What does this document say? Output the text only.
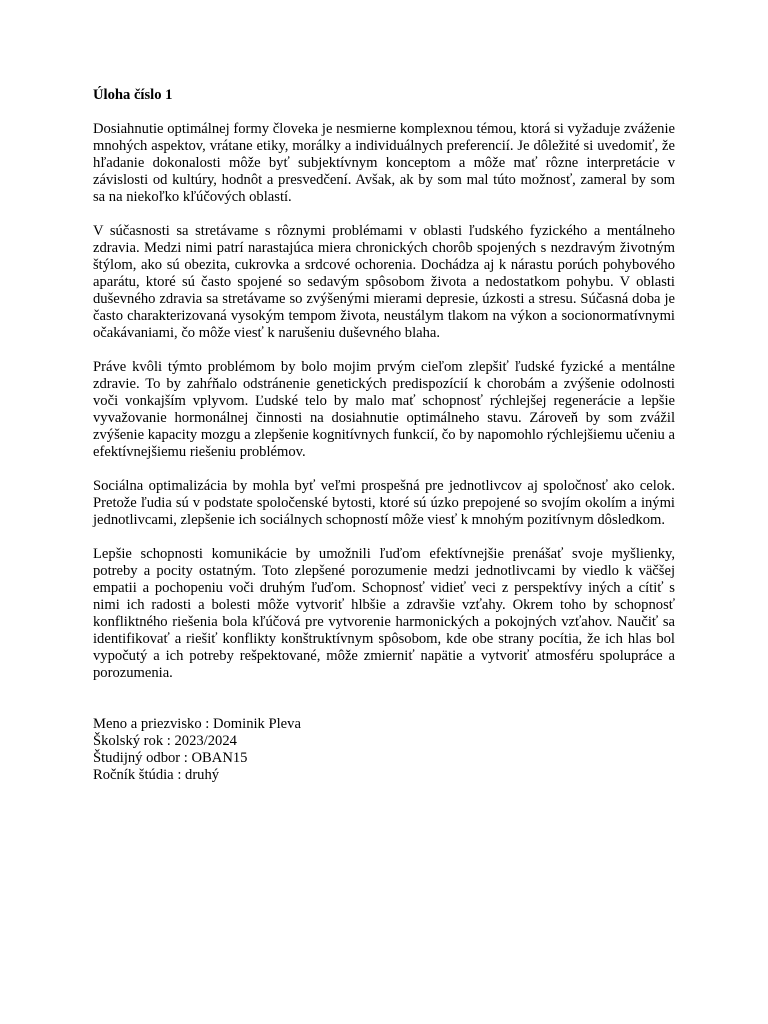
Úloha číslo 1

Dosiahnutie optimálnej formy človeka je nesmierne komplexnou témou, ktorá si vyžaduje zváženie mnohých aspektov, vrátane etiky, morálky a individuálnych preferencií. Je dôležité si uvedomiť, že hľadanie dokonalosti môže byť subjektívnym konceptom a môže mať rôzne interpretácie v závislosti od kultúry, hodnôt a presvedčení. Avšak, ak by som mal túto možnosť, zameral by som sa na niekoľko kľúčových oblastí.

V súčasnosti sa stretávame s rôznymi problémami v oblasti ľudského fyzického a mentálneho zdravia. Medzi nimi patrí narastajúca miera chronických chorôb spojených s nezdravým životným štýlom, ako sú obezita, cukrovka a srdcové ochorenia. Dochádza aj k nárastu porúch pohybového aparátu, ktoré sú často spojené so sedavým spôsobom života a nedostatkom pohybu. V oblasti duševného zdravia sa stretávame so zvýšenými mierami depresie, úzkosti a stresu. Súčasná doba je často charakterizovaná vysokým tempom života, neustálym tlakom na výkon a socionormatívnymi očakávaniami, čo môže viesť k narušeniu duševného blaha.

Práve kvôli týmto problémom by bolo mojim prvým cieľom zlepšiť ľudské fyzické a mentálne zdravie. To by zahŕňalo odstránenie genetických predispozícií k chorobám a zvýšenie odolnosti voči vonkajším vplyvom. Ľudské telo by malo mať schopnosť rýchlejšej regenerácie a lepšie vyvažovanie hormonálnej činnosti na dosiahnutie optimálneho stavu. Zároveň by som zvážil zvýšenie kapacity mozgu a zlepšenie kognitívnych funkcií, čo by napomohlo rýchlejšiemu učeniu a efektívnejšiemu riešeniu problémov.

Sociálna optimalizácia by mohla byť veľmi prospešná pre jednotlivcov aj spoločnosť ako celok. Pretože ľudia sú v podstate spoločenské bytosti, ktoré sú úzko prepojené so svojím okolím a inými jednotlivcami, zlepšenie ich sociálnych schopností môže viesť k mnohým pozitívnym dôsledkom.

Lepšie schopnosti komunikácie by umožnili ľuďom efektívnejšie prenášať svoje myšlienky, potreby a pocity ostatným. Toto zlepšené porozumenie medzi jednotlivcami by viedlo k väčšej empatii a pochopeniu voči druhým ľuďom. Schopnosť vidieť veci z perspektívy iných a cítiť s nimi ich radosti a bolesti môže vytvoriť hlbšie a zdravšie vzťahy. Okrem toho by schopnosť konfliktného riešenia bola kľúčová pre vytvorenie harmonických a pokojných vzťahov. Naučiť sa identifikovať a riešiť konflikty konštruktívnym spôsobom, kde obe strany pocítia, že ich hlas bol vypočutý a ich potreby rešpektované, môže zmierniť napätie a vytvoriť atmosféru spolupráce a porozumenia.

Meno a priezvisko : Dominik Pleva
Školský rok : 2023/2024
Študijný odbor : OBAN15
Ročník štúdia : druhý
